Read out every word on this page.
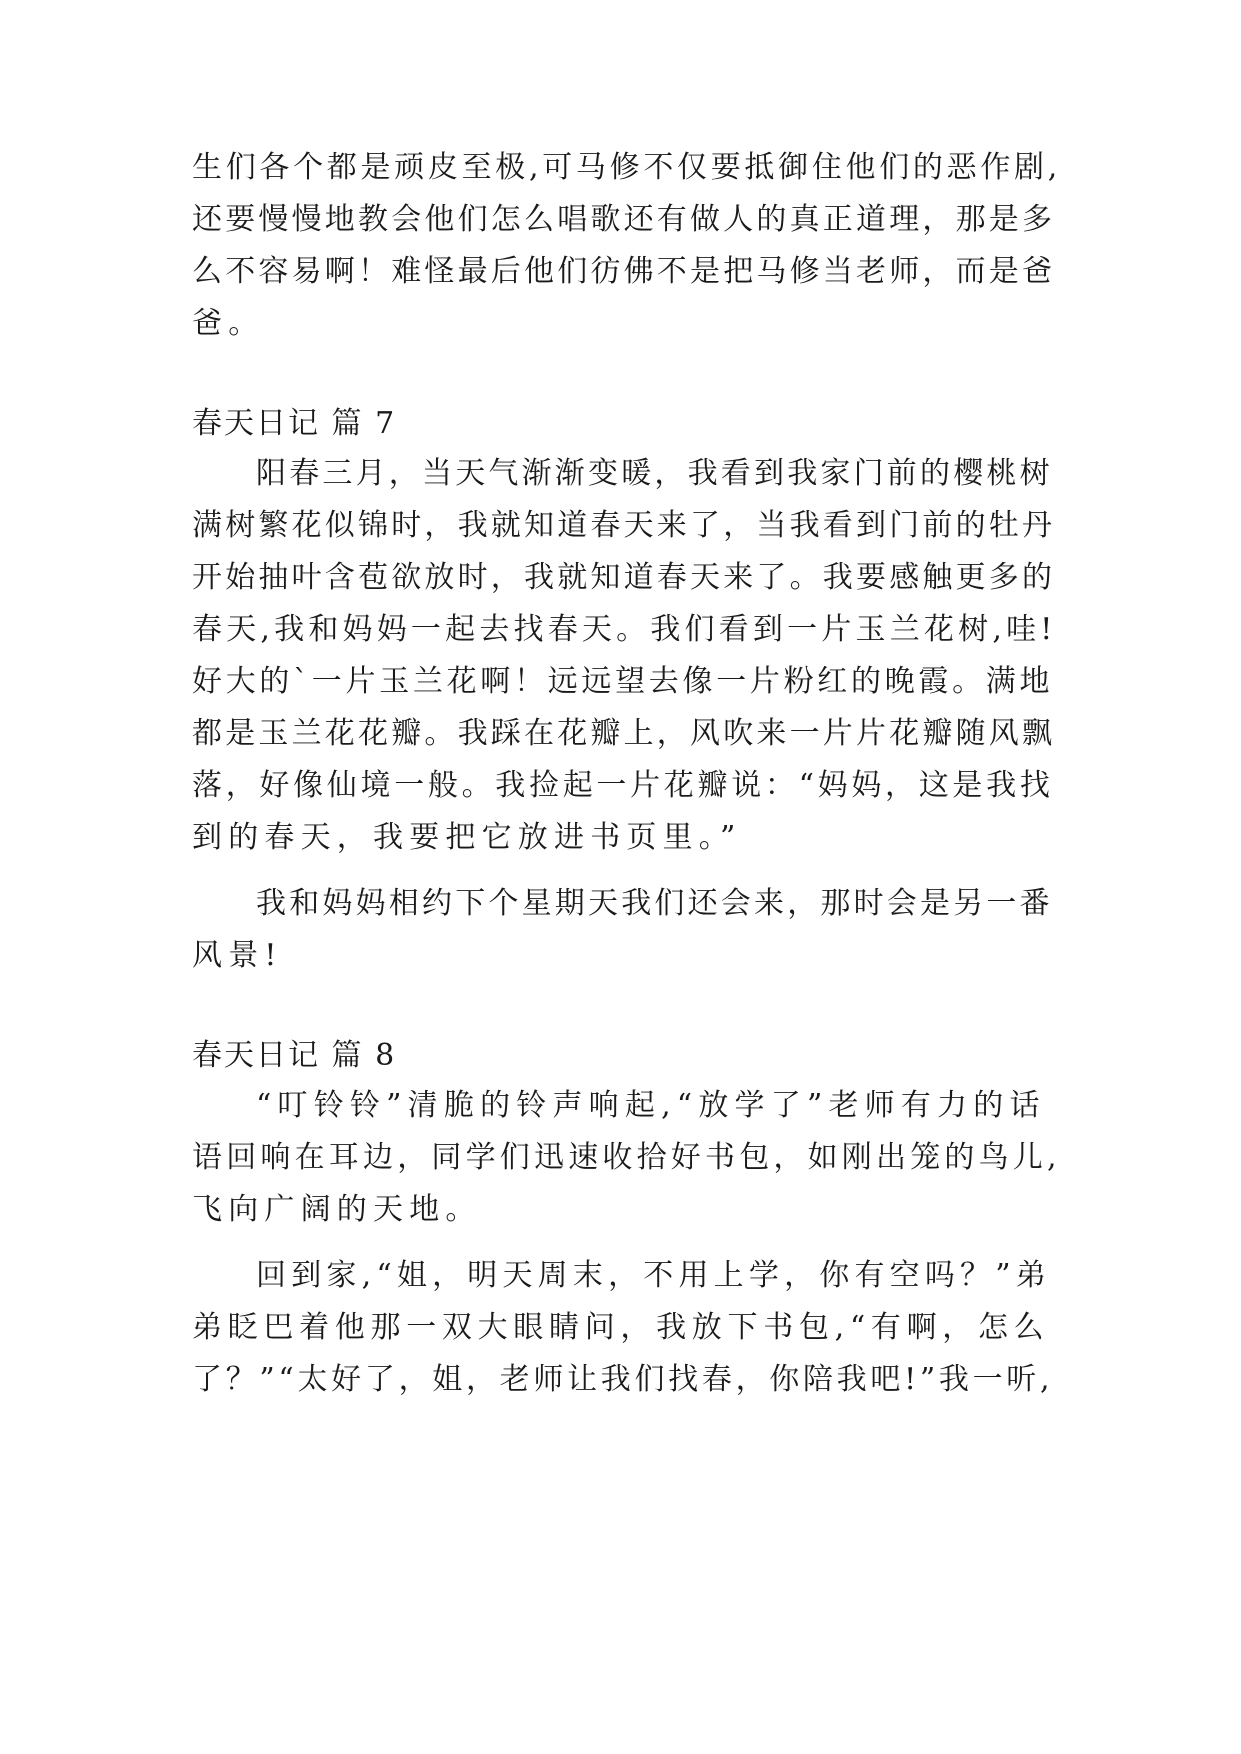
生们各个都是顽皮至极,可马修不仅要抵御住他们的恶作剧,
还要慢慢地教会他们怎么唱歌还有做人的真正道理，那是多
么不容易啊！难怪最后他们彷佛不是把马修当老师，而是爸
爸。
春天日记 篇 7
阳春三月，当天气渐渐变暖，我看到我家门前的樱桃树
满树繁花似锦时，我就知道春天来了，当我看到门前的牡丹
开始抽叶含苞欲放时，我就知道春天来了。我要感触更多的
春天,我和妈妈一起去找春天。我们看到一片玉兰花树,哇!
好大的`一片玉兰花啊！远远望去像一片粉红的晚霞。满地
都是玉兰花花瓣。我踩在花瓣上，风吹来一片片花瓣随风飘
落，好像仙境一般。我捡起一片花瓣说：“妈妈，这是我找
到的春天，我要把它放进书页里。”
我和妈妈相约下个星期天我们还会来，那时会是另一番
风景!
春天日记 篇 8
“叮铃铃”清脆的铃声响起,“放学了”老师有力的话
语回响在耳边，同学们迅速收拾好书包，如刚出笼的鸟儿,
飞向广阔的天地。
回到家,“姐，明天周末，不用上学，你有空吗？”弟
弟眨巴着他那一双大眼睛问，我放下书包,“有啊，怎么
了？”“太好了，姐，老师让我们找春，你陪我吧!”我一听,
